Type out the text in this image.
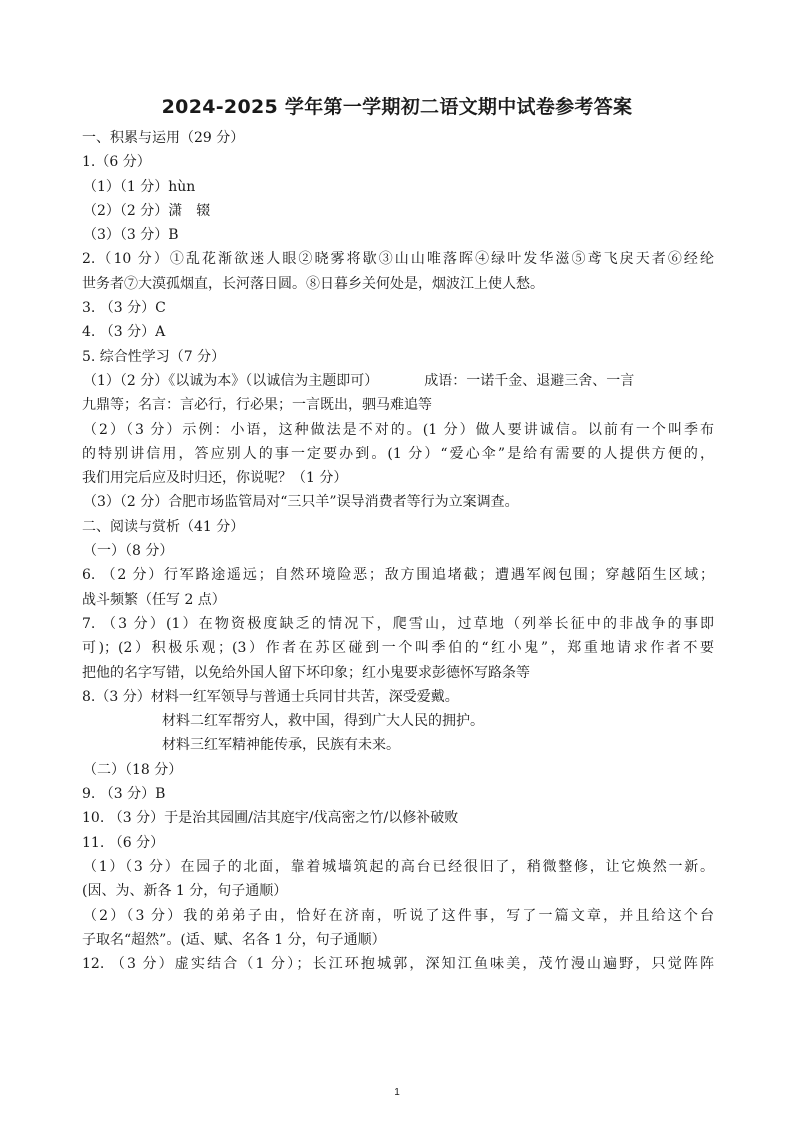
2024-2025 学年第一学期初二语文期中试卷参考答案
一、积累与运用（29 分）
1.（6 分）
（1）（1 分）hùn
（2）（2 分）潇　辍
（3）（3 分）B
2.（10 分）①乱花渐欲迷人眼②晓雾将歇③山山唯落晖④绿叶发华滋⑤鸢飞戾天者⑥经纶
世务者⑦大漠孤烟直，长河落日圆。⑧日暮乡关何处是，烟波江上使人愁。
3. （3 分）C
4. （3 分）A
5. 综合性学习（7 分）
（1）（2 分）《以诚为本》（以诚信为主题即可）	成语：一诺千金、退避三舍、一言
九鼎等；名言：言必行，行必果；一言既出，驷马难追等
（2）（3 分）示例：小语，这种做法是不对的。(1 分）做人要讲诚信。以前有一个叫季布
的特别讲信用，答应别人的事一定要办到。(1 分）“爱心伞”是给有需要的人提供方便的，
我们用完后应及时归还，你说呢？（1 分）
（3）（2 分）合肥市场监管局对“三只羊”误导消费者等行为立案调查。
二、阅读与赏析（41 分）
（一）（8 分）
6. （2 分）行军路途遥远；自然环境险恶；敌方围追堵截；遭遇军阀包围；穿越陌生区域；
战斗频繁（任写 2 点）
7. （3 分）(1）在物资极度缺乏的情况下，爬雪山，过草地（列举长征中的非战争的事即
可)；(2）积极乐观；(3）作者在苏区碰到一个叫季伯的“红小鬼”，郑重地请求作者不要
把他的名字写错，以免给外国人留下坏印象；红小鬼要求彭德怀写路条等
8.（3 分）材料一红军领导与普通士兵同甘共苦，深受爱戴。
材料二红军帮穷人，救中国，得到广大人民的拥护。
材料三红军精神能传承，民族有未来。
（二）（18 分）
9. （3 分）B
10. （3 分）于是治其园圃/洁其庭宇/伐高密之竹/以修补破败
11. （6 分）
（1）（3 分）在园子的北面，靠着城墙筑起的高台已经很旧了，稍微整修，让它焕然一新。
(因、为、新各 1 分，句子通顺）
（2）（3 分）我的弟弟子由，恰好在济南，听说了这件事，写了一篇文章，并且给这个台
子取名“超然”。(适、赋、名各 1 分，句子通顺）
12. （3 分）虚实结合（1 分）；长江环抱城郭，深知江鱼味美，茂竹漫山遍野，只觉阵阵
1
